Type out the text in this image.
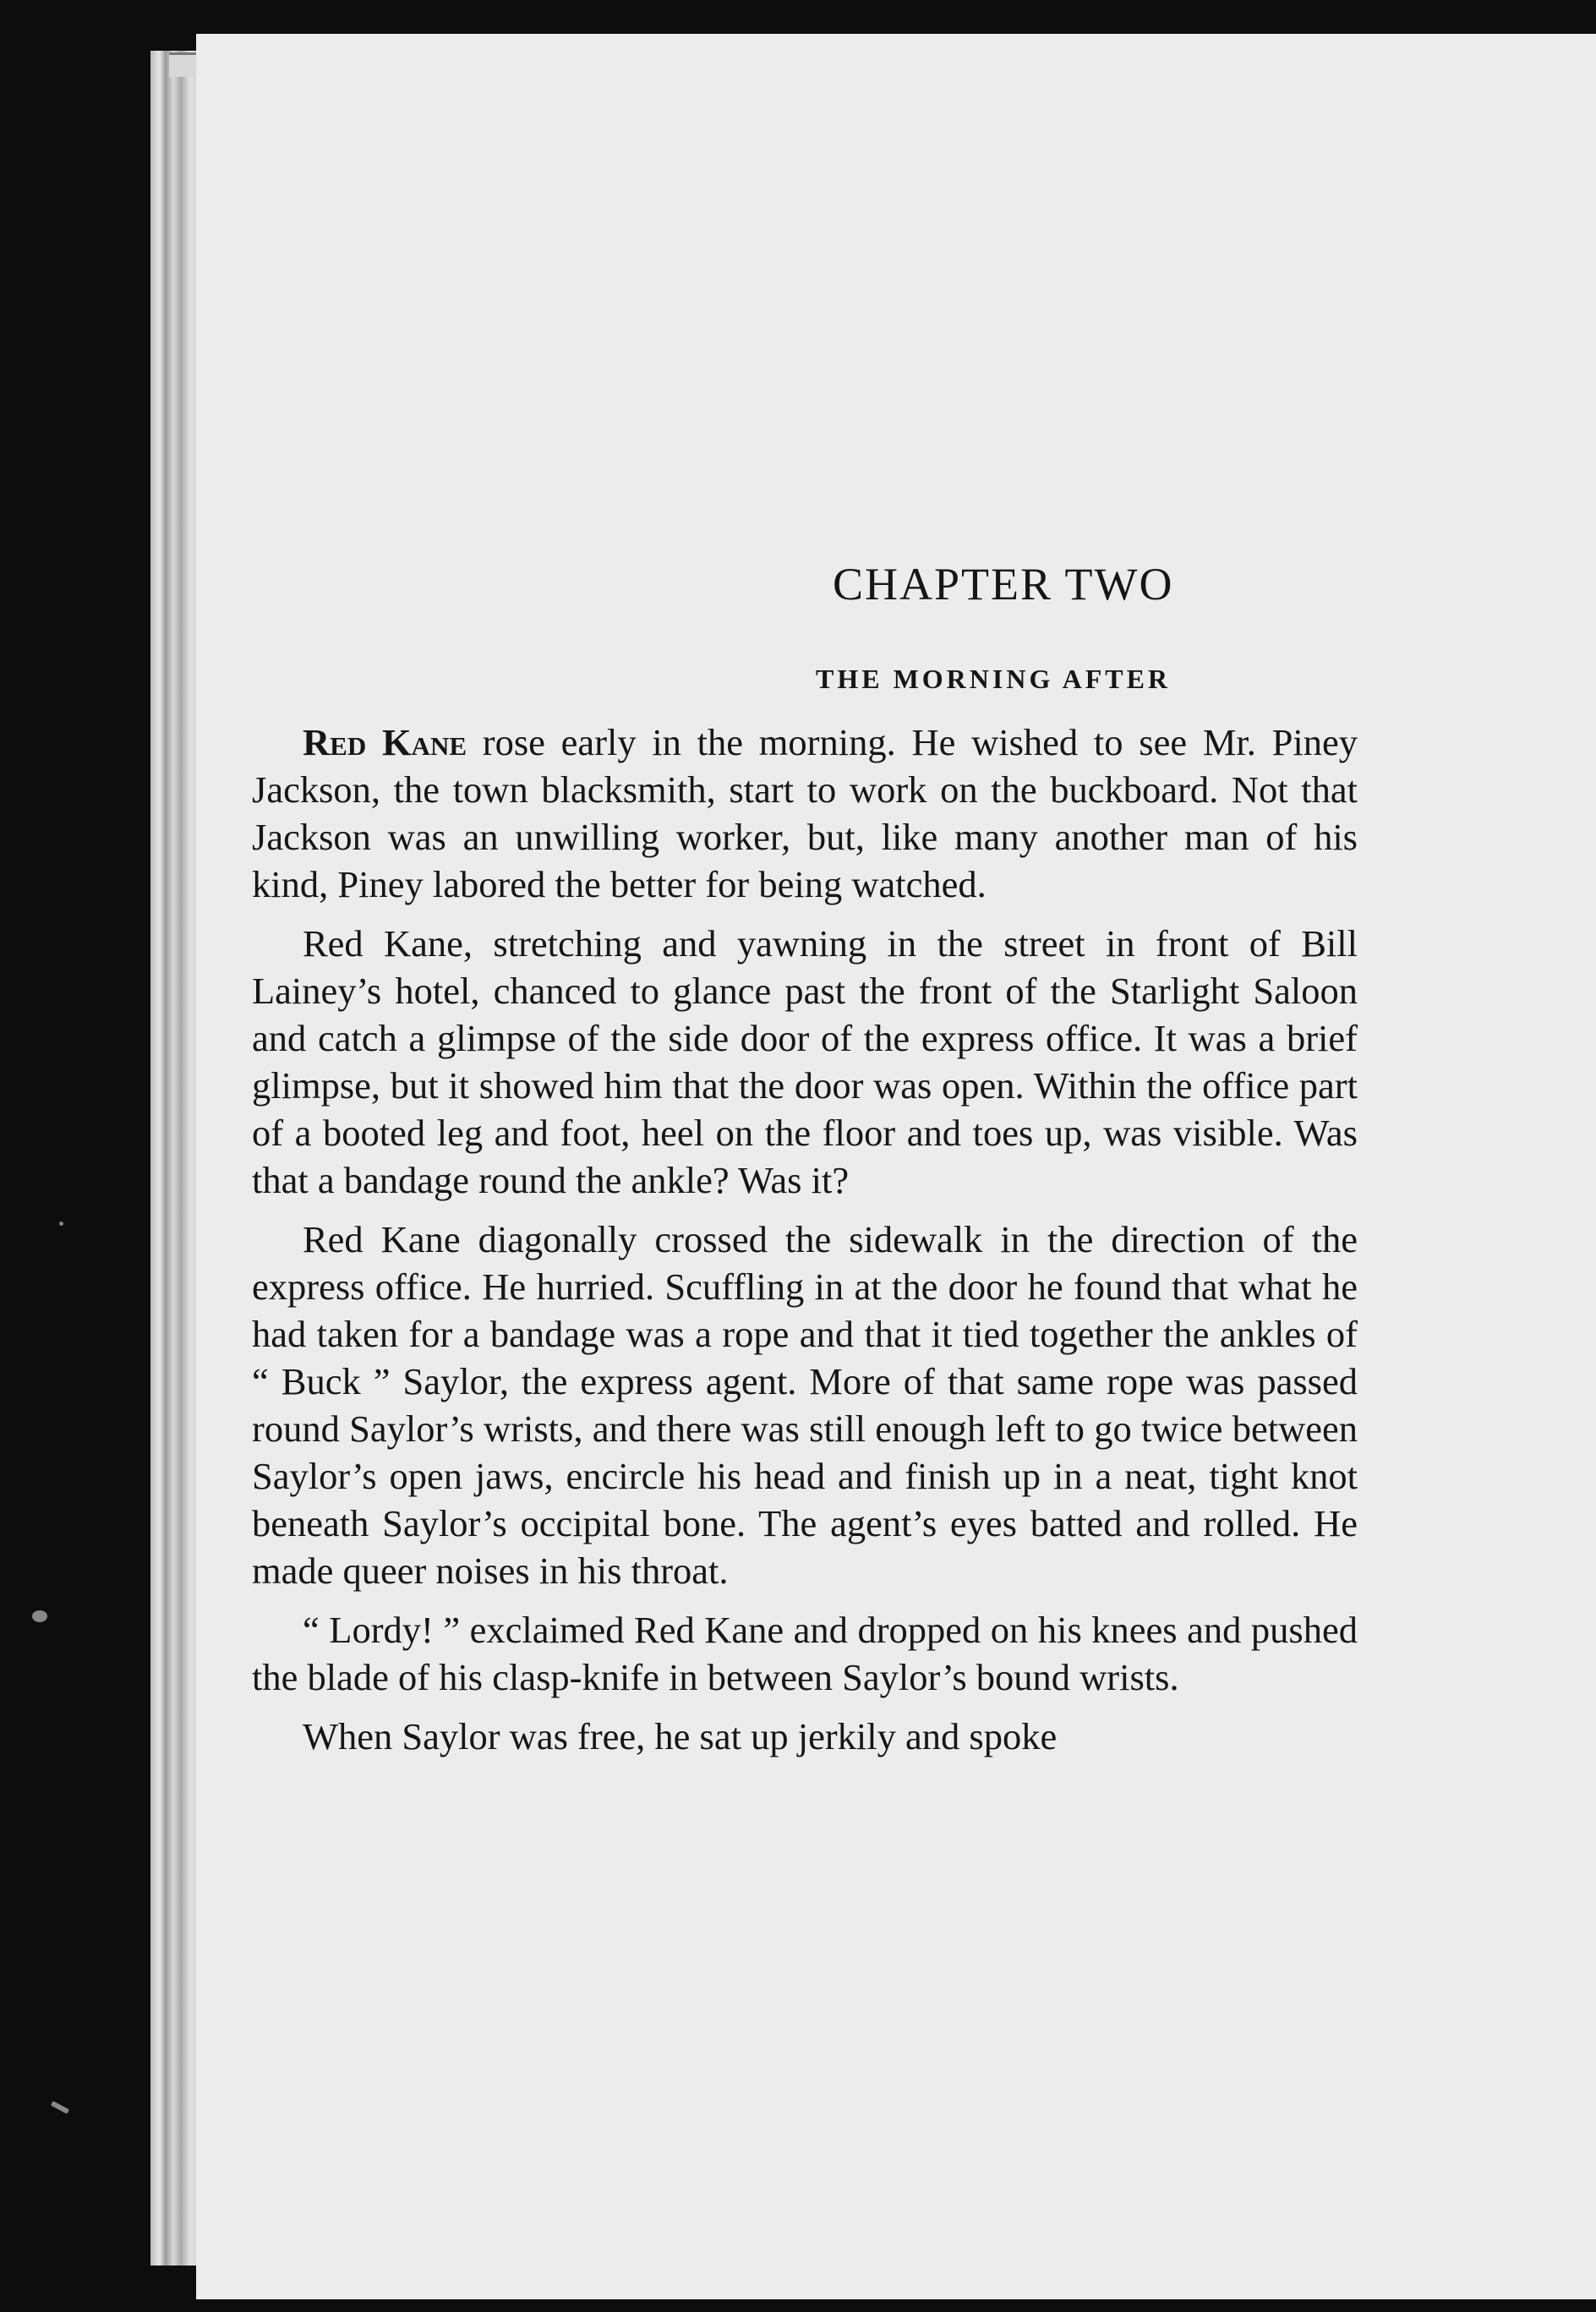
CHAPTER TWO
THE MORNING AFTER

Red Kane rose early in the morning. He wished to see Mr. Piney Jackson, the town blacksmith, start to work on the buckboard. Not that Jackson was an unwilling worker, but, like many another man of his kind, Piney labored the better for being watched.

Red Kane, stretching and yawning in the street in front of Bill Lainey’s hotel, chanced to glance past the front of the Starlight Saloon and catch a glimpse of the side door of the express office. It was a brief glimpse, but it showed him that the door was open. Within the office part of a booted leg and foot, heel on the floor and toes up, was visible. Was that a bandage round the ankle? Was it?

Red Kane diagonally crossed the sidewalk in the direction of the express office. He hurried. Scuffling in at the door he found that what he had taken for a bandage was a rope and that it tied together the ankles of “ Buck ” Saylor, the express agent. More of that same rope was passed round Saylor’s wrists, and there was still enough left to go twice between Saylor’s open jaws, encircle his head and finish up in a neat, tight knot beneath Saylor’s occipital bone. The agent’s eyes batted and rolled. He made queer noises in his throat.

“ Lordy! ” exclaimed Red Kane and dropped on his knees and pushed the blade of his clasp-knife in between Saylor’s bound wrists.

When Saylor was free, he sat up jerkily and spoke
